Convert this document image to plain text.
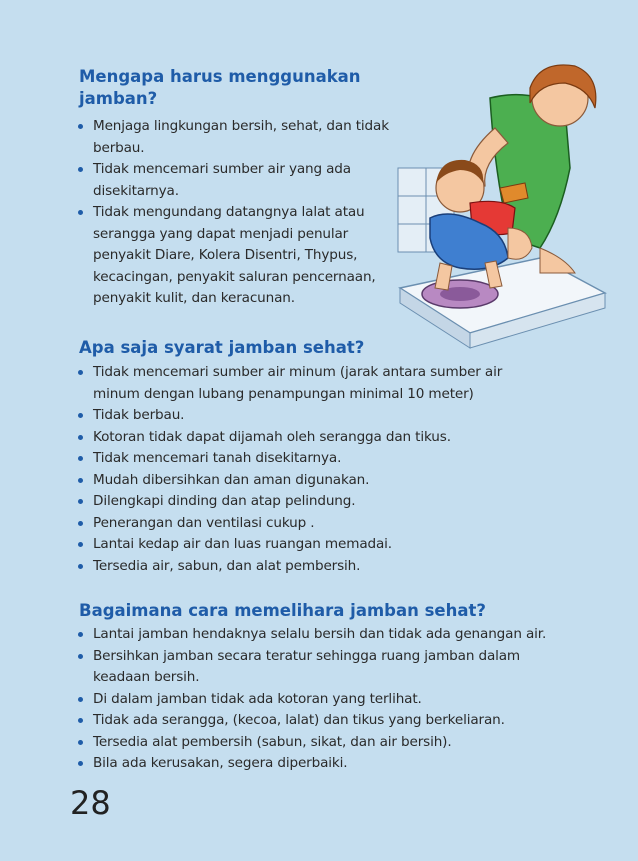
Mengapa harus menggunakan jamban?
Menjaga lingkungan bersih, sehat, dan tidak berbau.
Tidak mencemari sumber air yang ada disekitarnya.
Tidak mengundang datangnya lalat atau serangga yang dapat menjadi penular penyakit Diare, Kolera Disentri, Thypus, kecacingan, penyakit saluran pencernaan, penyakit kulit, dan keracunan.
Apa saja syarat jamban sehat?
Tidak mencemari sumber air minum (jarak antara sumber air minum dengan lubang penampungan minimal 10 meter)
Tidak berbau.
Kotoran tidak dapat dijamah oleh serangga dan tikus.
Tidak mencemari tanah disekitarnya.
Mudah dibersihkan dan aman digunakan.
Dilengkapi dinding dan atap pelindung.
Penerangan dan ventilasi cukup .
Lantai kedap air dan luas ruangan memadai.
Tersedia air, sabun, dan alat pembersih.
Bagaimana cara memelihara jamban sehat?
Lantai jamban hendaknya selalu bersih dan tidak ada genangan air.
Bersihkan jamban secara teratur sehingga ruang jamban dalam keadaan bersih.
Di dalam jamban tidak ada kotoran yang terlihat.
Tidak ada serangga, (kecoa, lalat) dan tikus yang berkeliaran.
Tersedia alat pembersih (sabun, sikat, dan air bersih).
Bila ada kerusakan, segera diperbaiki.
28
